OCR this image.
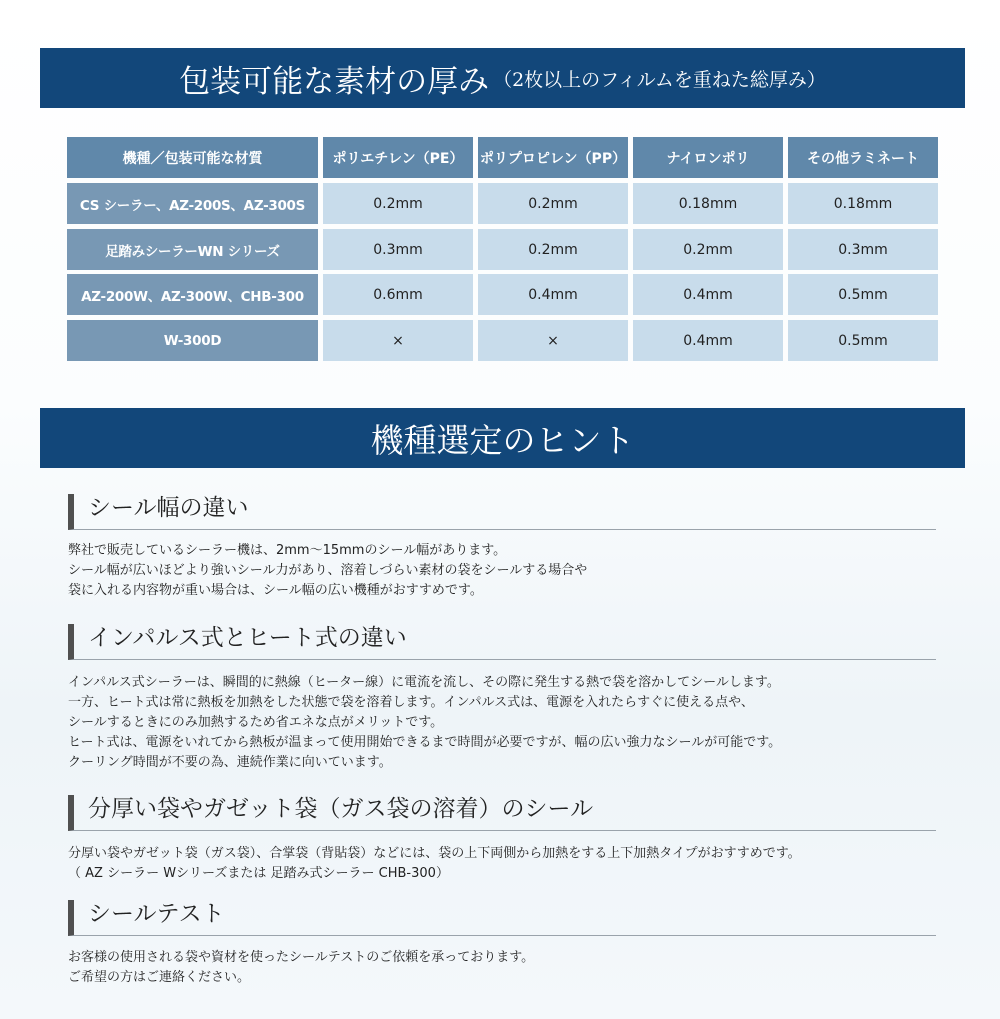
包装可能な素材の厚み （2枚以上のフィルムを重ねた総厚み）
機種／包装可能な材質	ポリエチレン（PE）	ポリプロピレン（PP）	ナイロンポリ	その他ラミネート
CS シーラー、AZ-200S、AZ-300S	0.2mm	0.2mm	0.18mm	0.18mm
足踏みシーラーWN シリーズ	0.3mm	0.2mm	0.2mm	0.3mm
AZ-200W、AZ-300W、CHB-300	0.6mm	0.4mm	0.4mm	0.5mm
W-300D	×	×	0.4mm	0.5mm
機種選定のヒント
シール幅の違い
弊社で販売しているシーラー機は、2mm〜15mmのシール幅があります。
シール幅が広いほどより強いシール力があり、溶着しづらい素材の袋をシールする場合や
袋に入れる内容物が重い場合は、シール幅の広い機種がおすすめです。
インパルス式とヒート式の違い
インパルス式シーラーは、瞬間的に熱線（ヒーター線）に電流を流し、その際に発生する熱で袋を溶かしてシールします。
一方、ヒート式は常に熱板を加熱をした状態で袋を溶着します。インパルス式は、電源を入れたらすぐに使える点や、
シールするときにのみ加熱するため省エネな点がメリットです。
ヒート式は、電源をいれてから熱板が温まって使用開始できるまで時間が必要ですが、幅の広い強力なシールが可能です。
クーリング時間が不要の為、連続作業に向いています。
分厚い袋やガゼット袋（ガス袋の溶着）のシール
分厚い袋やガゼット袋（ガス袋）、合掌袋（背貼袋）などには、袋の上下両側から加熱をする上下加熱タイプがおすすめです。
（ AZ シーラー Wシリーズまたは 足踏み式シーラー CHB-300）
シールテスト
お客様の使用される袋や資材を使ったシールテストのご依頼を承っております。
ご希望の方はご連絡ください。
